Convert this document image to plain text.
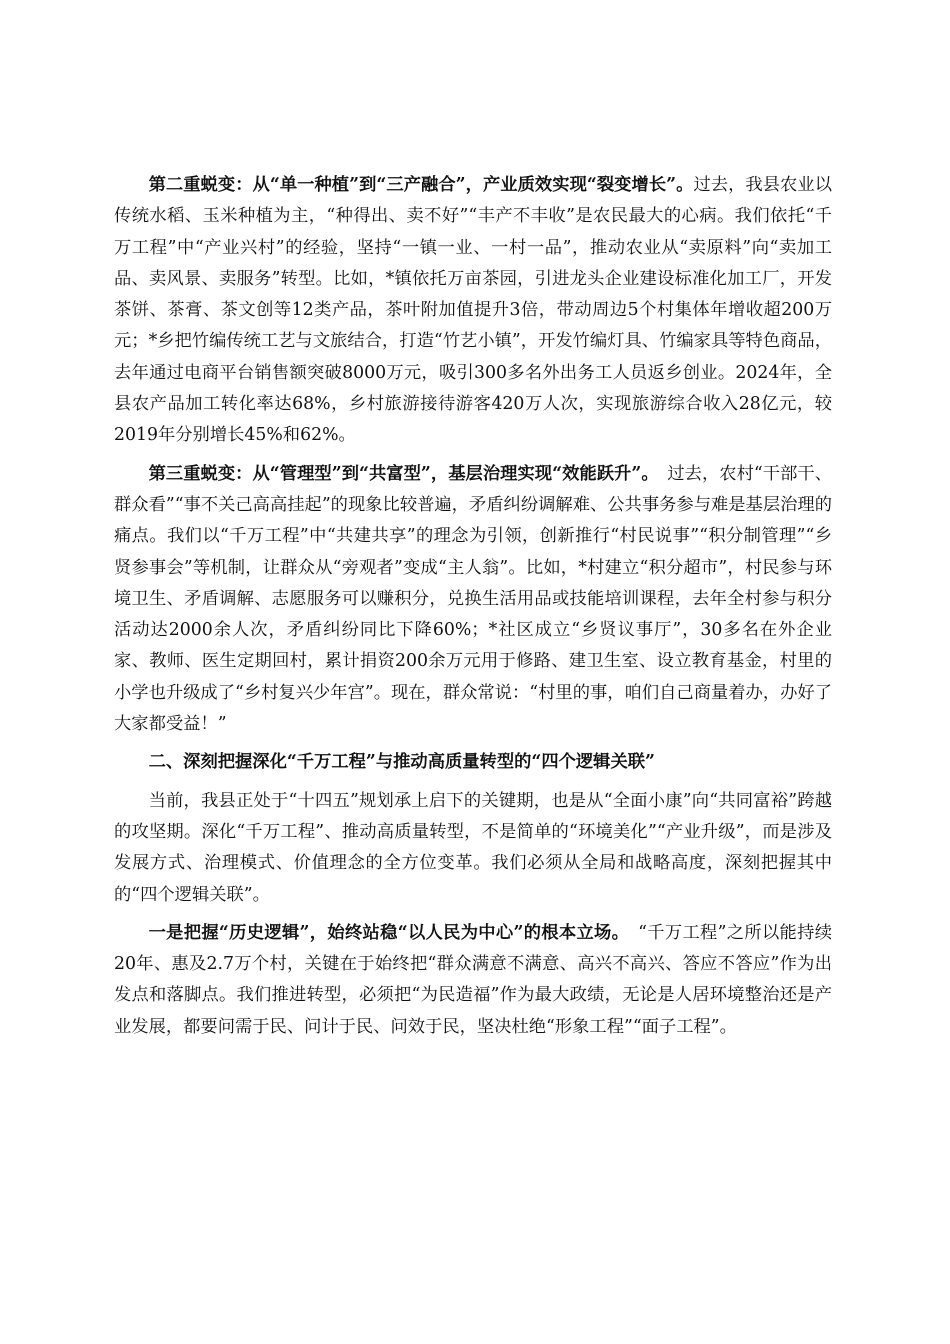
第二重蜕变：从“单一种植”到“三产融合”，产业质效实现“裂变增长”。过去，我县农业以传统水稻、玉米种植为主，“种得出、卖不好”“丰产不丰收”是农民最大的心病。我们依托“千万工程”中“产业兴村”的经验，坚持“一镇一业、一村一品”，推动农业从“卖原料”向“卖加工品、卖风景、卖服务”转型。比如，*镇依托万亩茶园，引进龙头企业建设标准化加工厂，开发茶饼、茶膏、茶文创等12类产品，茶叶附加值提升3倍，带动周边5个村集体年增收超200万元；*乡把竹编传统工艺与文旅结合，打造“竹艺小镇”，开发竹编灯具、竹编家具等特色商品，去年通过电商平台销售额突破8000万元，吸引300多名外出务工人员返乡创业。2024年，全县农产品加工转化率达68%，乡村旅游接待游客420万人次，实现旅游综合收入28亿元，较2019年分别增长45%和62%。

第三重蜕变：从“管理型”到“共富型”，基层治理实现“效能跃升”。　过去，农村“干部干、群众看”“事不关己高高挂起”的现象比较普遍，矛盾纠纷调解难、公共事务参与难是基层治理的痛点。我们以“千万工程”中“共建共享”的理念为引领，创新推行“村民说事”“积分制管理”“乡贤参事会”等机制，让群众从“旁观者”变成“主人翁”。比如，*村建立“积分超市”，村民参与环境卫生、矛盾调解、志愿服务可以赚积分，兑换生活用品或技能培训课程，去年全村参与积分活动达2000余人次，矛盾纠纷同比下降60%；*社区成立“乡贤议事厅”，30多名在外企业家、教师、医生定期回村，累计捐资200余万元用于修路、建卫生室、设立教育基金，村里的小学也升级成了“乡村复兴少年宫”。现在，群众常说：“村里的事，咱们自己商量着办，办好了大家都受益！”

二、深刻把握深化“千万工程”与推动高质量转型的“四个逻辑关联”

当前，我县正处于“十四五”规划承上启下的关键期，也是从“全面小康”向“共同富裕”跨越的攻坚期。深化“千万工程”、推动高质量转型，不是简单的“环境美化”“产业升级”，而是涉及发展方式、治理模式、价值理念的全方位变革。我们必须从全局和战略高度，深刻把握其中的“四个逻辑关联”。

一是把握“历史逻辑”，始终站稳“以人民为中心”的根本立场。　“千万工程”之所以能持续20年、惠及2.7万个村，关键在于始终把“群众满意不满意、高兴不高兴、答应不答应”作为出发点和落脚点。我们推进转型，必须把“为民造福”作为最大政绩，无论是人居环境整治还是产业发展，都要问需于民、问计于民、问效于民，坚决杜绝“形象工程”“面子工程”。
